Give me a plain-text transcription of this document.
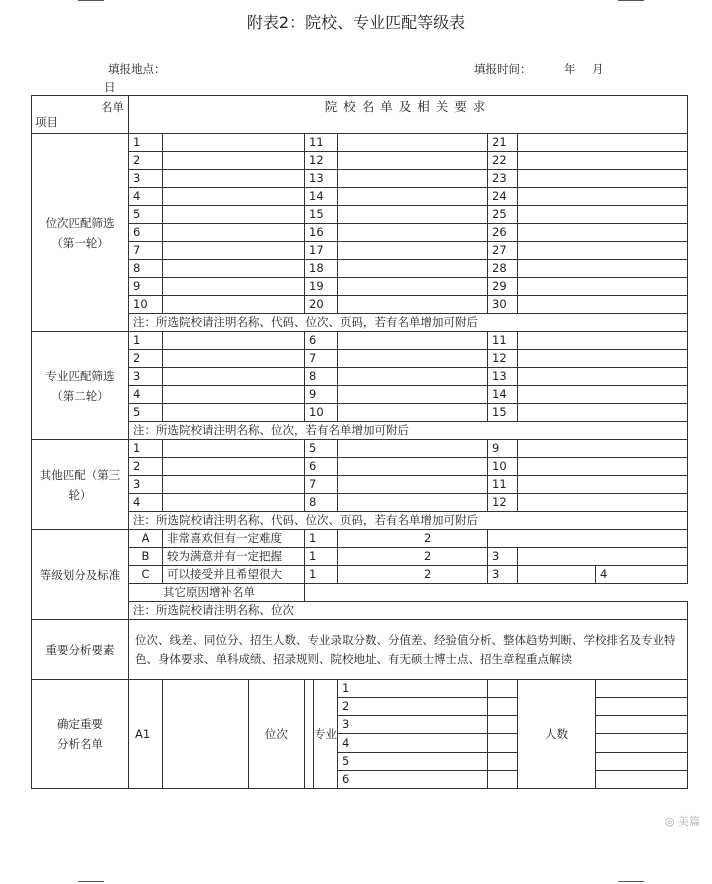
附表2：院校、专业匹配等级表
填报地点：	填报时间：	年 月
日
名单
项目	院校名单及相关要求						
位次匹配筛选（第一轮）	1		11		21		
	2		12		22		
	3		13		23		
	4		14		24		
	5		15		25		
	6		16		26		
	7		17		27		
	8		18		28		
	9		19		29		
	10		20		30		
	注：所选院校请注明名称、代码、位次、页码，若有名单增加可附后						
专业匹配筛选（第二轮）	1		6		11		
	2		7		12		
	3		8		13		
	4		9		14		
	5		10		15		
	注：所选院校请注明名称、位次，若有名单增加可附后						
其他匹配（第三轮）	1		5		9		
	2		6		10		
	3		7		11		
	4		8		12		
	注：所选院校请注明名称、代码、位次、页码，若有名单增加可附后						
等级划分及标准	A	非常喜欢但有一定难度	1	2			
	B	较为满意并有一定把握	1	2	3		
	C	可以接受并且希望很大	1	2	3		4
	其它原因增补名单						
	注：所选院校请注明名称、位次						
重要分析要素	位次、线差、同位分、招生人数、专业录取分数、分值差、经验值分析、整体趋势判断、学校排名及专业特色、身体要求、单科成绩、招录规则、院校地址、有无硕士博士点、招生章程重点解读						
确定重要分析名单	A1	位次	专业	1		人数	
				2			
				3			
				4			
				5			
				6			
◎ 美篇
